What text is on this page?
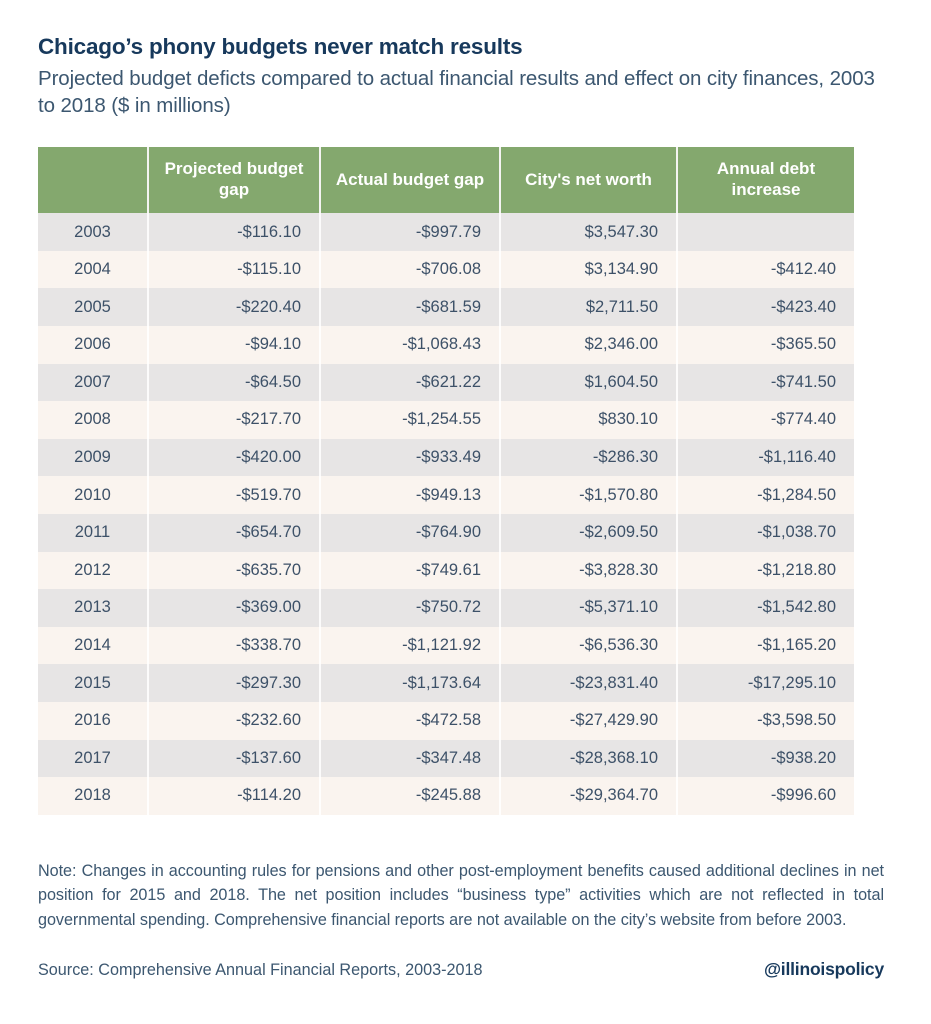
Chicago’s phony budgets never match results

Projected budget deficts compared to actual financial results and effect on city finances, 2003 to 2018 ($ in millions)

	Projected budget gap	Actual budget gap	City's net worth	Annual debt increase
2003	-$116.10	-$997.79	$3,547.30	
2004	-$115.10	-$706.08	$3,134.90	-$412.40
2005	-$220.40	-$681.59	$2,711.50	-$423.40
2006	-$94.10	-$1,068.43	$2,346.00	-$365.50
2007	-$64.50	-$621.22	$1,604.50	-$741.50
2008	-$217.70	-$1,254.55	$830.10	-$774.40
2009	-$420.00	-$933.49	-$286.30	-$1,116.40
2010	-$519.70	-$949.13	-$1,570.80	-$1,284.50
2011	-$654.70	-$764.90	-$2,609.50	-$1,038.70
2012	-$635.70	-$749.61	-$3,828.30	-$1,218.80
2013	-$369.00	-$750.72	-$5,371.10	-$1,542.80
2014	-$338.70	-$1,121.92	-$6,536.30	-$1,165.20
2015	-$297.30	-$1,173.64	-$23,831.40	-$17,295.10
2016	-$232.60	-$472.58	-$27,429.90	-$3,598.50
2017	-$137.60	-$347.48	-$28,368.10	-$938.20
2018	-$114.20	-$245.88	-$29,364.70	-$996.60

Note: Changes in accounting rules for pensions and other post-employment benefits caused additional declines in net position for 2015 and 2018. The net position includes “business type” activities which are not reflected in total governmental spending. Comprehensive financial reports are not available on the city’s website from before 2003.

Source: Comprehensive Annual Financial Reports, 2003-2018	@illinoispolicy
